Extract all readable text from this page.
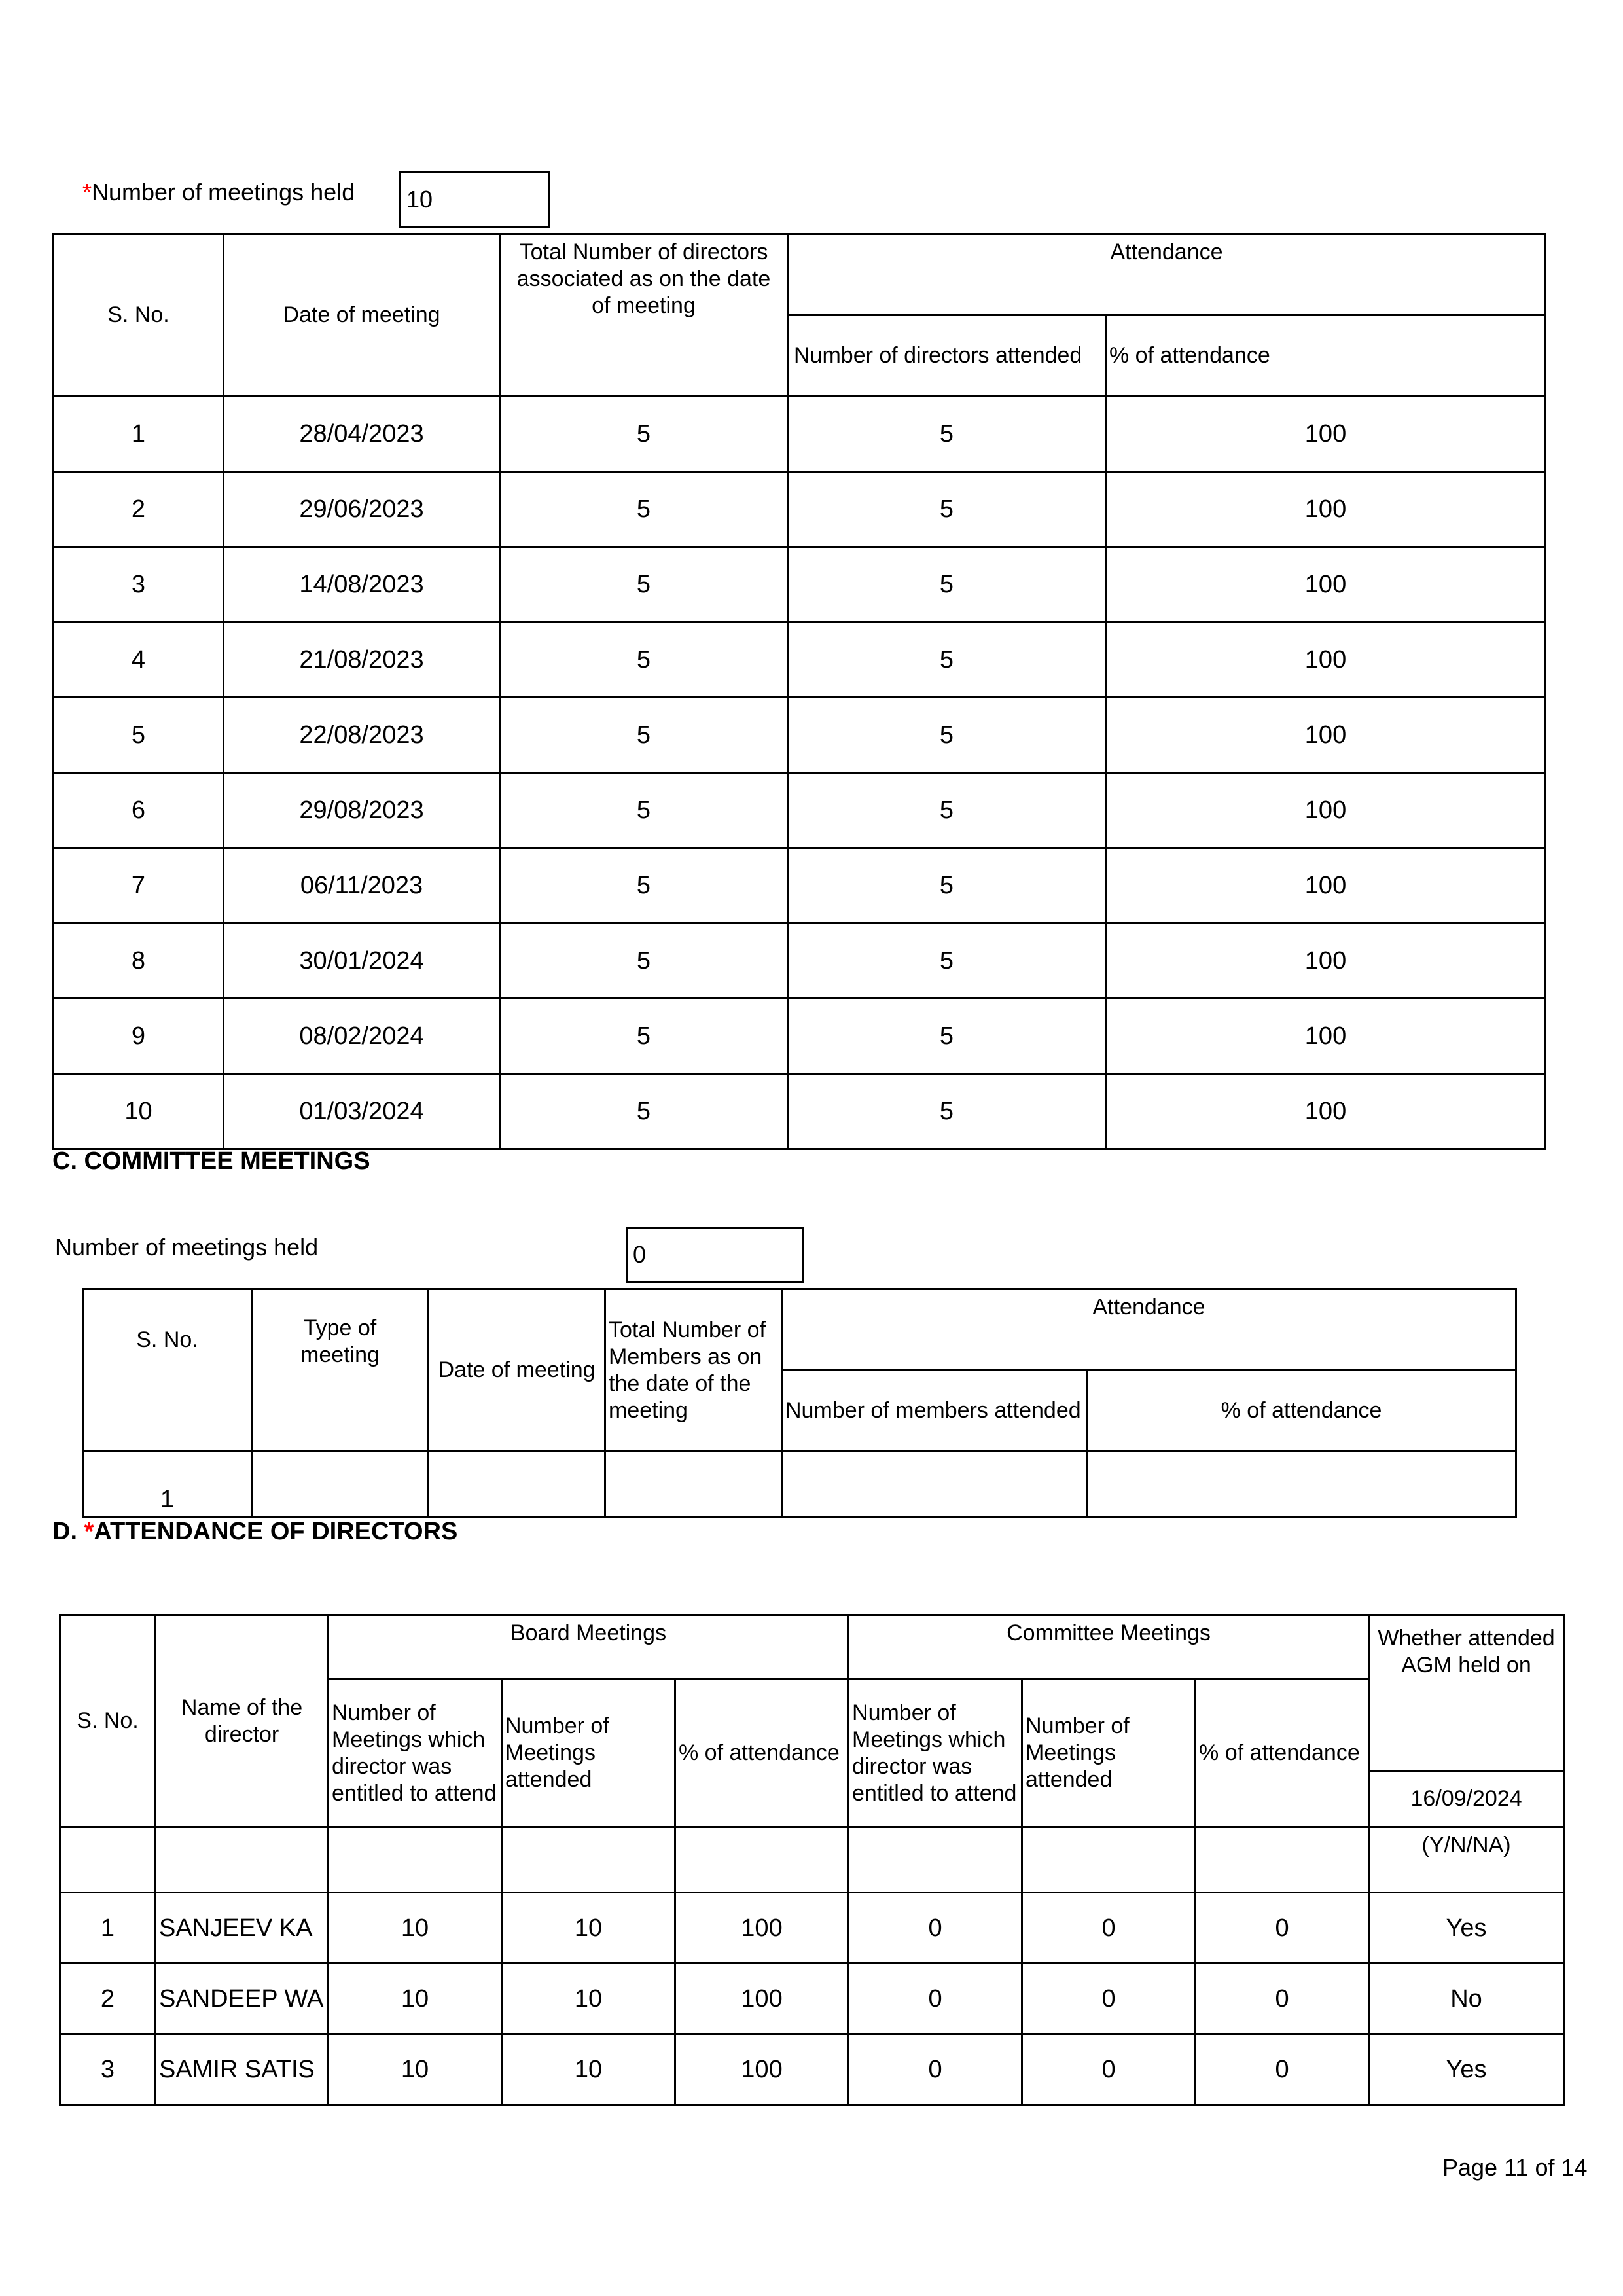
*Number of meetings held	10
S. No.	Date of meeting	Total Number of directors associated as on the date of meeting	Attendance	
			Number of directors attended	% of attendance
1	28/04/2023	5	5	100
2	29/06/2023	5	5	100
3	14/08/2023	5	5	100
4	21/08/2023	5	5	100
5	22/08/2023	5	5	100
6	29/08/2023	5	5	100
7	06/11/2023	5	5	100
8	30/01/2024	5	5	100
9	08/02/2024	5	5	100
10	01/03/2024	5	5	100
C. COMMITTEE MEETINGS
Number of meetings held	0
S. No.	Type of meeting	Date of meeting	Total Number of Members as on the date of the meeting	Attendance	
				Number of members attended	% of attendance
1					
D. *ATTENDANCE OF DIRECTORS
S. No.	Name of the director	Board Meetings			Committee Meetings			Whether attended AGM held on
		Number of Meetings which director was entitled to attend	Number of Meetings attended	% of attendance	Number of Meetings which director was entitled to attend	Number of Meetings attended	% of attendance	
								16/09/2024
								(Y/N/NA)
1	SANJEEV KA	10	10	100	0	0	0	Yes
2	SANDEEP WA	10	10	100	0	0	0	No
3	SAMIR SATIS	10	10	100	0	0	0	Yes
Page 11 of 14
